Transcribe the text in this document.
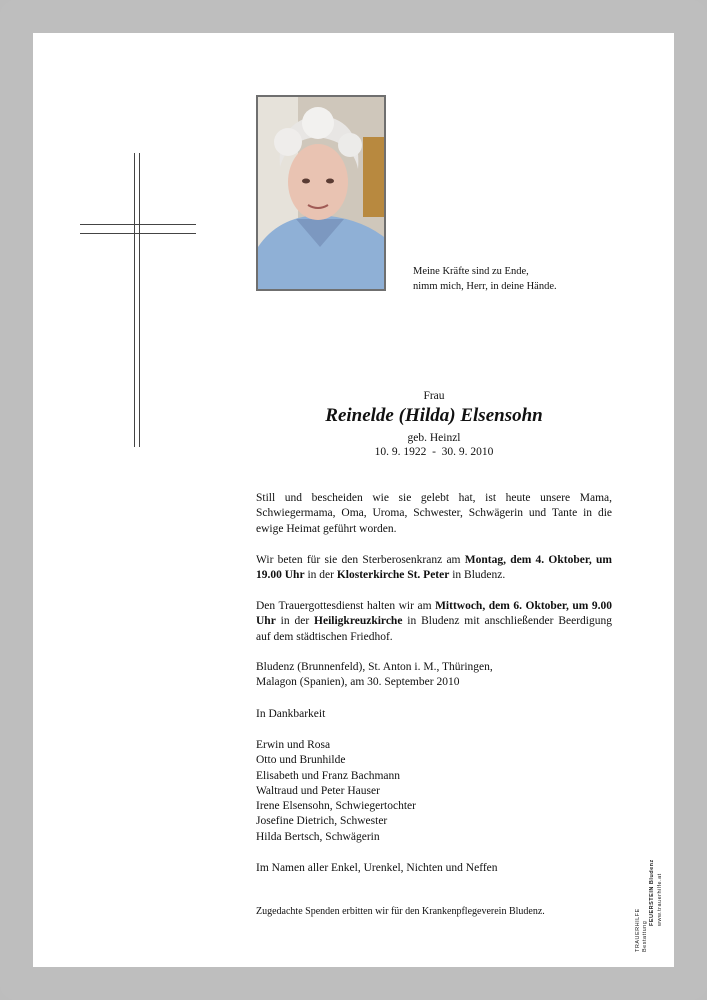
Meine Kräfte sind zu Ende,
nimm mich, Herr, in deine Hände.
Frau
Reinelde (Hilda) Elsensohn
geb. Heinzl
10. 9. 1922  -  30. 9. 2010
Still und bescheiden wie sie gelebt hat, ist heute unsere Mama, Schwiegermama, Oma, Uroma, Schwester, Schwägerin und Tante in die ewige Heimat geführt worden.
Wir beten für sie den Sterberosenkranz am Montag, dem 4. Oktober, um 19.00 Uhr in der Klosterkirche St. Peter in Bludenz.
Den Trauergottesdienst halten wir am Mittwoch, dem 6. Oktober, um 9.00 Uhr in der Heiligkreuzkirche in Bludenz mit anschließender Beerdigung auf dem städtischen Friedhof.
Bludenz (Brunnenfeld), St. Anton i. M., Thüringen,
Malagon (Spanien), am 30. September 2010
In Dankbarkeit
Erwin und Rosa
Otto und Brunhilde
Elisabeth und Franz Bachmann
Waltraud und Peter Hauser
Irene Elsensohn, Schwiegertochter
Josefine Dietrich, Schwester
Hilda Bertsch, Schwägerin
Im Namen aller Enkel, Urenkel, Nichten und Neffen
Zugedachte Spenden erbitten wir für den Krankenpflegeverein Bludenz.	TRAUERHILFE Bestattung
FEUERSTEIN Bludenz www.trauerhilfe.at
